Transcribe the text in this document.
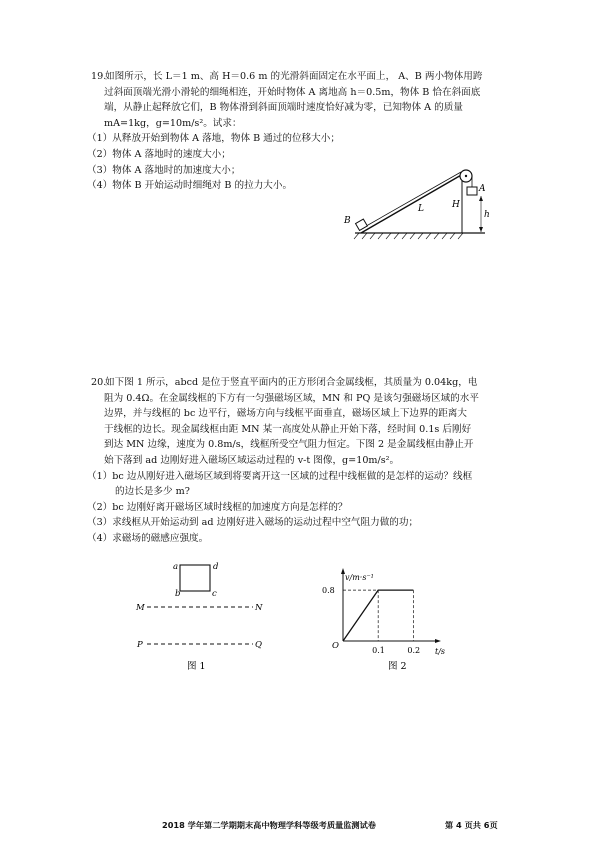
19.如图所示，长 L＝1 m、高 H＝0.6 m 的光滑斜面固定在水平面上， A、B 两小物体用跨
过斜面顶端光滑小滑轮的细绳相连，开始时物体 A 离地高 h＝0.5m，物体 B 恰在斜面底
端，从静止起释放它们，B 物体滑到斜面顶端时速度恰好减为零，已知物体 A 的质量
mA=1kg，g=10m/s²。试求：
（1）从释放开始到物体 A 落地，物体 B 通过的位移大小；
（2）物体 A 落地时的速度大小；
（3）物体 A 落地时的加速度大小；
（4）物体 B 开始运动时细绳对 B 的拉力大小。	A
B
L	H
h
20.如下图 1 所示，abcd 是位于竖直平面内的正方形闭合金属线框，其质量为 0.04kg，电
阻为 0.4Ω。在金属线框的下方有一匀强磁场区域，MN 和 PQ 是该匀强磁场区域的水平
边界，并与线框的 bc 边平行，磁场方向与线框平面垂直，磁场区域上下边界的距离大
于线框的边长。现金属线框由距 MN 某一高度处从静止开始下落，经时间 0.1s 后刚好
到达 MN 边缘，速度为 0.8m/s，线框所受空气阻力恒定。下图 2 是金属线框由静止开
始下落到 ad 边刚好进入磁场区域运动过程的 v-t 图像，g=10m/s²。
（1）bc 边从刚好进入磁场区域到将要离开这一区域的过程中线框做的是怎样的运动？线框
的边长是多少 m?
（2）bc 边刚好离开磁场区域时线框的加速度方向是怎样的？
（3）求线框从开始运动到 ad 边刚好进入磁场的运动过程中空气阻力做的功；
（4）求磁场的磁感应强度。
a	d
b	c
M	N
P	Q
图 1
v/m·s⁻¹
t/s
O
0.8
0.1	0.2
图 2
2018 学年第二学期期末高中物理学科等级考质量监测试卷	第 4 页共 6页
